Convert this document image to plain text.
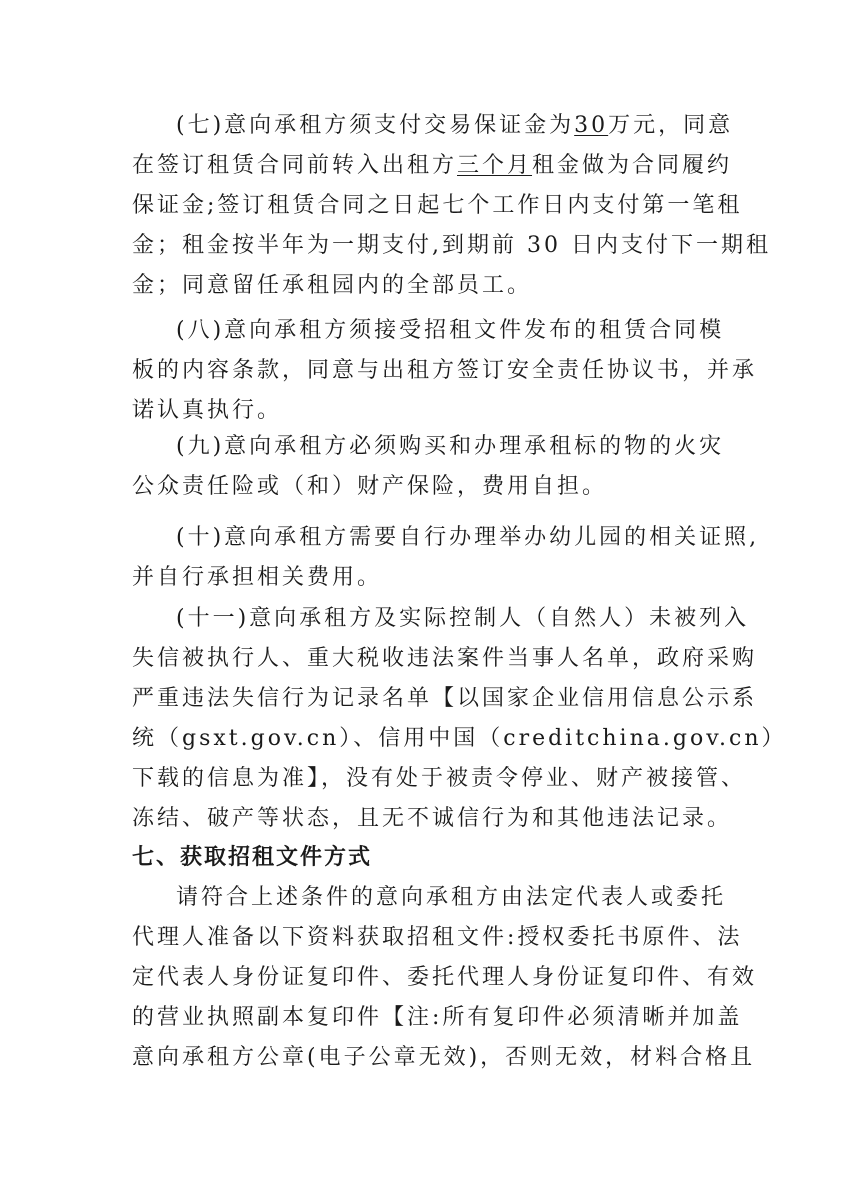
(七)意向承租方须支付交易保证金为30万元，同意
在签订租赁合同前转入出租方三个月租金做为合同履约
保证金;签订租赁合同之日起七个工作日内支付第一笔租
金；租金按半年为一期支付,到期前 30 日内支付下一期租
金；同意留任承租园内的全部员工。
(八)意向承租方须接受招租文件发布的租赁合同模
板的内容条款，同意与出租方签订安全责任协议书，并承
诺认真执行。
(九)意向承租方必须购买和办理承租标的物的火灾
公众责任险或（和）财产保险，费用自担。
(十)意向承租方需要自行办理举办幼儿园的相关证照,
并自行承担相关费用。
(十一)意向承租方及实际控制人（自然人）未被列入
失信被执行人、重大税收违法案件当事人名单，政府采购
严重违法失信行为记录名单【以国家企业信用信息公示系
统（gsxt.gov.cn）、信用中国（creditchina.gov.cn）
下载的信息为准】，没有处于被责令停业、财产被接管、
冻结、破产等状态，且无不诚信行为和其他违法记录。
七、获取招租文件方式
请符合上述条件的意向承租方由法定代表人或委托
代理人准备以下资料获取招租文件:授权委托书原件、法
定代表人身份证复印件、委托代理人身份证复印件、有效
的营业执照副本复印件【注:所有复印件必须清晰并加盖
意向承租方公章(电子公章无效)，否则无效，材料合格且
